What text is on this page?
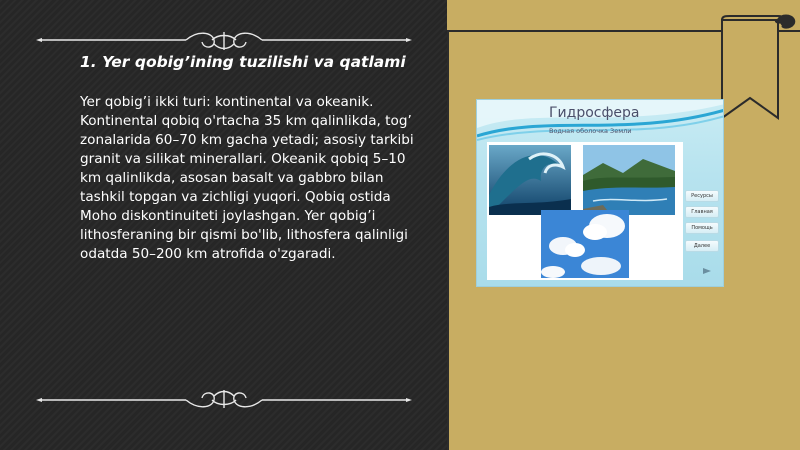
1. Yer qobig’ining tuzilishi va qatlami
Yer qobig’i ikki turi: kontinental va okeanik. Kontinental qobiq o'rtacha 35 km qalinlikda, tog’ zonalarida 60–70 km gacha yetadi; asosiy tarkibi granit va silikat minerallari. Okeanik qobiq 5–10 km qalinlikda, asosan basalt va gabbro bilan tashkil topgan va zichligi yuqori. Qobiq ostida Moho diskontinuiteti joylashgan. Yer qobig’i lithosferaning bir qismi bo'lib, lithosfera qalinligi odatda 50–200 km atrofida o'zgaradi.
Гидросфера
Водная оболочка Земли
Ресурсы
Главная
Помощь
Далее
